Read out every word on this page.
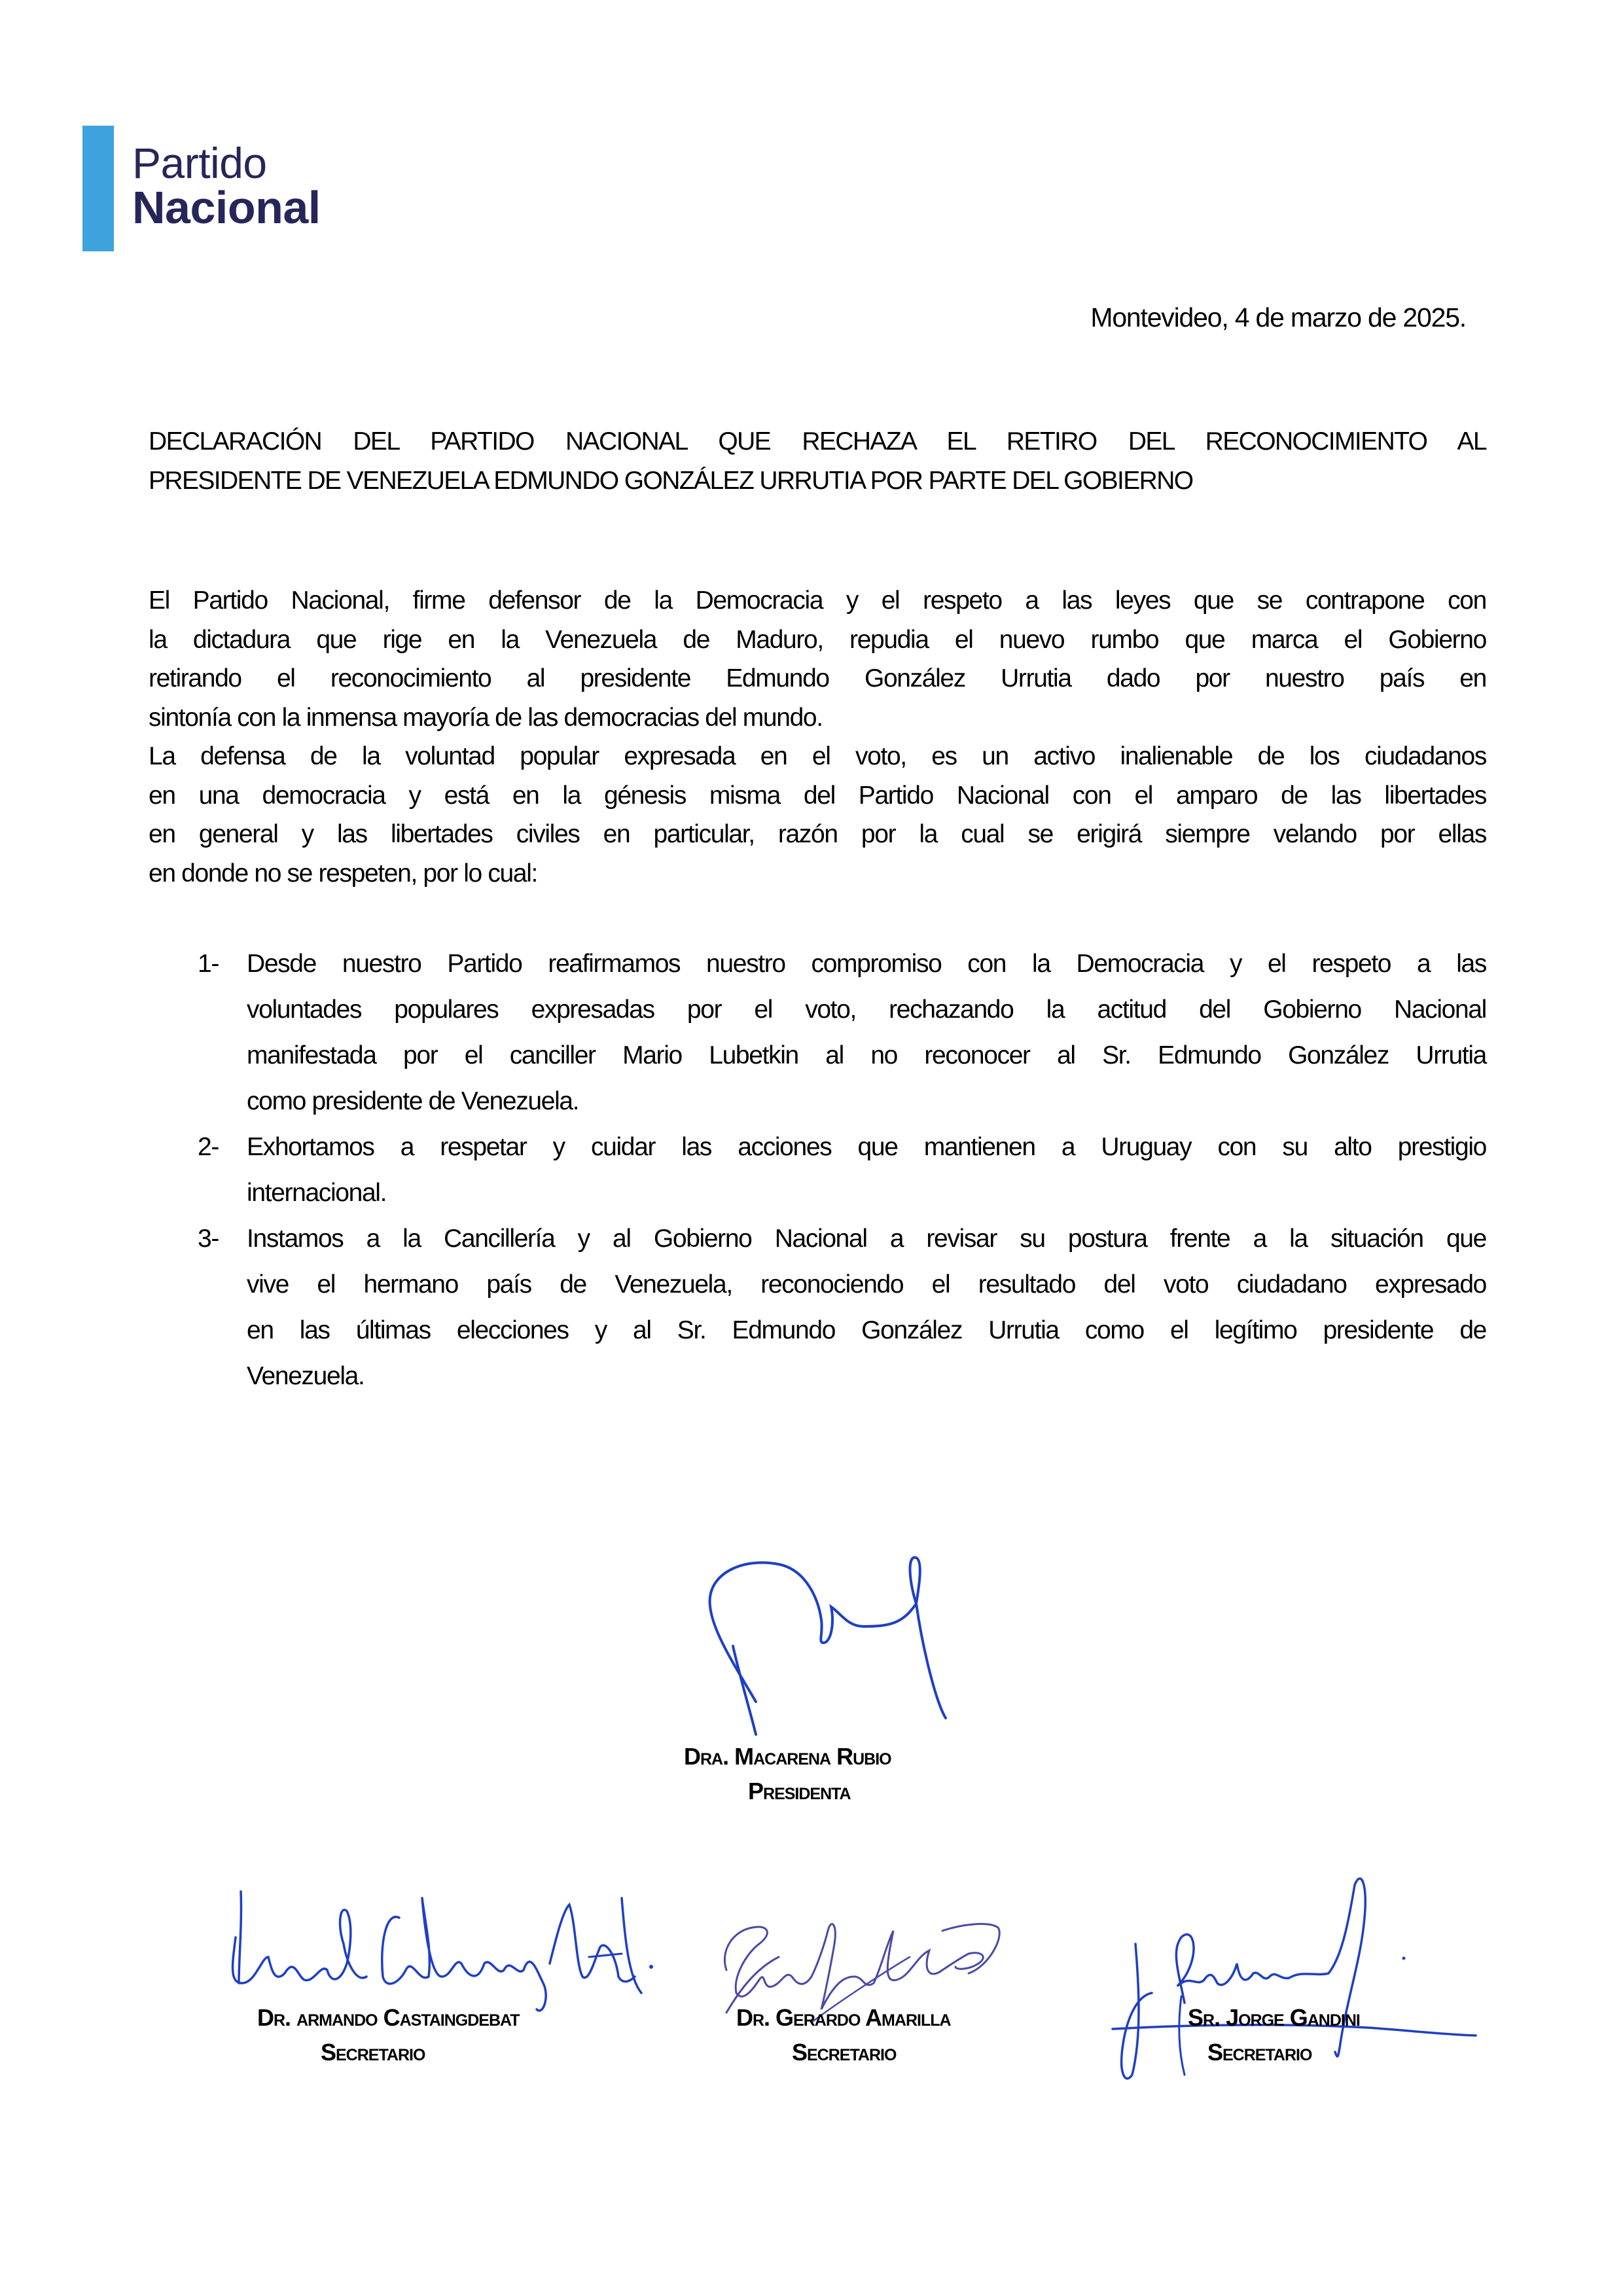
Partido
Nacional
Montevideo, 4 de marzo de 2025.
DECLARACIÓN DEL PARTIDO NACIONAL QUE RECHAZA EL RETIRO DEL RECONOCIMIENTO AL
PRESIDENTE DE VENEZUELA EDMUNDO GONZÁLEZ URRUTIA POR PARTE DEL GOBIERNO
El Partido Nacional, firme defensor de la Democracia y el respeto a las leyes que se contrapone con
la dictadura que rige en la Venezuela de Maduro, repudia el nuevo rumbo que marca el Gobierno
retirando el reconocimiento al presidente Edmundo González Urrutia dado por nuestro país en
sintonía con la inmensa mayoría de las democracias del mundo.
La defensa de la voluntad popular expresada en el voto, es un activo inalienable de los ciudadanos
en una democracia y está en la génesis misma del Partido Nacional con el amparo de las libertades
en general y las libertades civiles en particular, razón por la cual se erigirá siempre velando por ellas
en donde no se respeten, por lo cual:
1- Desde nuestro Partido reafirmamos nuestro compromiso con la Democracia y el respeto a las
voluntades populares expresadas por el voto, rechazando la actitud del Gobierno Nacional
manifestada por el canciller Mario Lubetkin al no reconocer al Sr. Edmundo González Urrutia
como presidente de Venezuela.
2- Exhortamos a respetar y cuidar las acciones que mantienen a Uruguay con su alto prestigio
internacional.
3- Instamos a la Cancillería y al Gobierno Nacional a revisar su postura frente a la situación que
vive el hermano país de Venezuela, reconociendo el resultado del voto ciudadano expresado
en las últimas elecciones y al Sr. Edmundo González Urrutia como el legítimo presidente de
Venezuela.
Dra. Macarena Rubio
Presidenta
Dr. armando Castaingdebat
Secretario
Dr. Gerardo Amarilla
Secretario
Sr. Jorge Gandini
Secretario
